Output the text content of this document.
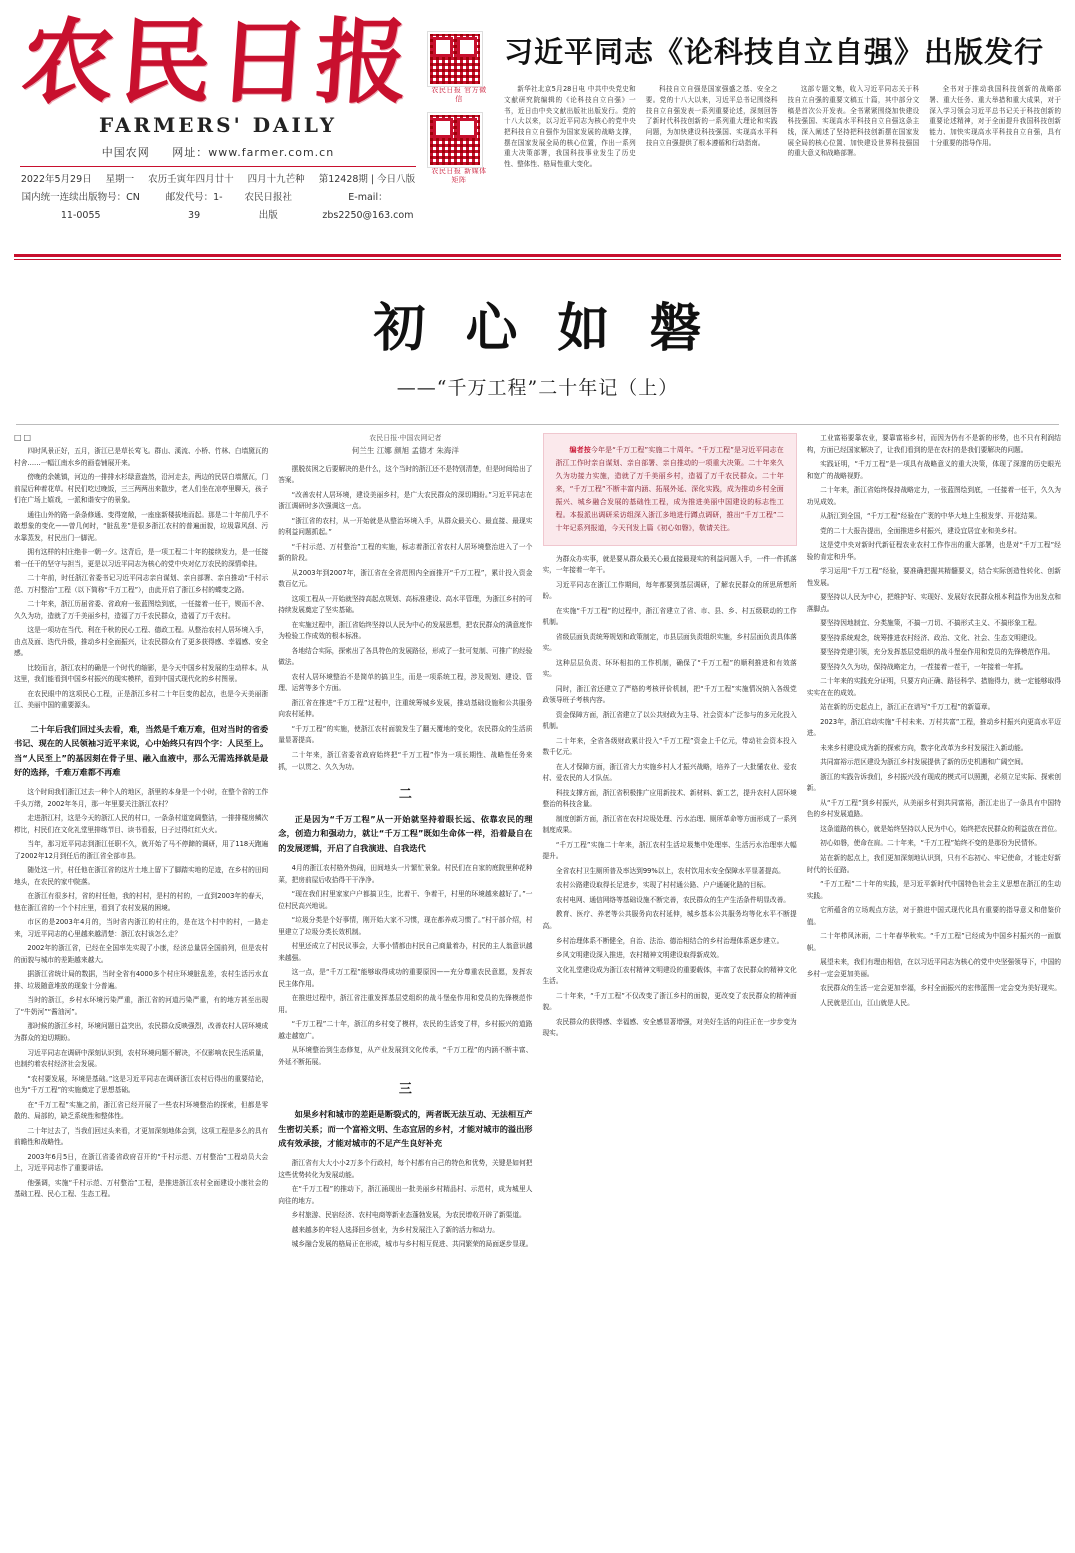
农民日报
FARMERS' DAILY
中国农网 网址：www.farmer.com.cn
2022年5月29日 星期一 农历壬寅年四月廿十 四月十九芒种 第12428期 | 今日八版
国内统一连续出版物号：CN 11-0055
邮发代号：1-39
农民日报社出版
E-mail：zbs2250@163.com
农民日报 官方微信
农民日报 新媒体矩阵
习近平同志《论科技自立自强》出版发行
新华社北京5月28日电 中共中央党史和文献研究院编辑的《论科技自立自强》一书，近日由中央文献出版社出版发行。党的十八大以来，以习近平同志为核心的党中央把科技自立自强作为国家发展的战略支撑，摆在国家发展全局的核心位置，作出一系列重大决策部署，我国科技事业发生了历史性、整体性、格局性重大变化。
科技自立自强是国家强盛之基、安全之要。党的十八大以来，习近平总书记围绕科技自立自强发表一系列重要论述，深刻回答了新时代科技创新的一系列重大理论和实践问题，为加快建设科技强国、实现高水平科技自立自强提供了根本遵循和行动指南。
这部专题文集，收入习近平同志关于科技自立自强的重要文稿五十篇，其中部分文稿是首次公开发表。全书紧紧围绕加快建设科技强国、实现高水平科技自立自强这条主线，深入阐述了坚持把科技创新摆在国家发展全局的核心位置、加快建设世界科技强国的重大意义和战略部署。
全书对于推动我国科技创新的战略部署、重大任务、重大举措和重大成果，对于深入学习领会习近平总书记关于科技创新的重要论述精神，对于全面提升我国科技创新能力、加快实现高水平科技自立自强，具有十分重要的指导作用。
初心如磐
——“千万工程”二十年记（上）
□□

四时风景正好，五月，浙江已是草长莺飞。群山、溪流、小桥、竹林、白墙黛瓦的村舍……一幅江南水乡的画卷铺展开来。

傍晚的余姚镇，河边的一排排水杉绿意盎然，沿河走去，两边的民居白墙黛瓦，门前屋后种着花草。村民们吃过晚饭，三三两两出来散步，老人们坐在凉亭里聊天，孩子们在广场上嬉戏，一派和谐安宁的景象。

通往山外的路一条条修通、变得宽敞，一座座新楼拔地而起。那是二十年前几乎不敢想象的变化——曾几何时，“脏乱差”是很多浙江农村的普遍面貌，垃圾靠风刮、污水靠蒸发，村民出门一脚泥。

拥有这样的村庄绝非一朝一夕。这背后，是一项工程二十年的接续发力，是一任接着一任干的坚守与担当，更是以习近平同志为核心的党中央对亿万农民的深情牵挂。

二十年前，时任浙江省委书记习近平同志亲自谋划、亲自部署、亲自推动“千村示范、万村整治”工程（以下简称“千万工程”），由此开启了浙江乡村的蝶变之路。

二十年来，浙江历届省委、省政府一张蓝图绘到底，一任接着一任干，锲而不舍、久久为功，造就了万千美丽乡村，造福了万千农民群众，造福了万千农村。

这是一项功在当代、利在千秋的民心工程、德政工程。从整治农村人居环境入手，由点及面、迭代升级，推动乡村全面振兴，让农民群众有了更多获得感、幸福感、安全感。

比较而言，浙江农村的确是一个时代的缩影，是今天中国乡村发展的生动样本。从这里，我们能看到中国乡村振兴的现实模样，看到中国式现代化的乡村图景。

在农民眼中的这项民心工程，正是浙江乡村二十年巨变的起点，也是今天美丽浙江、美丽中国的重要源头。

二十年后我们回过头去看，难，当然是千难万难，但对当时的省委书记、现在的人民领袖习近平来说，心中始终只有四个字：人民至上。当“人民至上”的基因刻在骨子里、融入血液中，那么无需选择就是最好的选择，千难万难都不再难

这个时间我们浙江过去一种个人的地区，浙里的本身是一个小时，在整个省的工作千头万绪，2002年冬月，那一年里要关注浙江农村？

走进浙江村，这是今天的浙江人民的村口，一条条村道宽阔整洁，一排排楼房鳞次栉比，村民们在文化礼堂里排练节目、读书看报，日子过得红红火火。

当年，那习近平同志到浙江任职不久，就开始了马不停蹄的调研，用了118天跑遍了2002年12月到任后的浙江省全部市县。

随处这一片，村任他在浙江省的这片土地上留下了脚踏实地的足迹，在乡村的田间地头，在农民的家中院落。

在浙江有很多村，省的村任他，我的村村，是村的村的，一直到2003年的春天，他在浙江省的一个个村庄里，看到了农村发展的困境。

市区的是2003年4月的，当时省内浙江的村庄的，是在这个村中的村，一路走来，习近平同志的心里越来越清楚：浙江农村该怎么走？

2002年的浙江省，已经在全国率先实现了小康，经济总量居全国前列，但是农村的面貌与城市的差距越来越大。

据浙江省统计局的数据，当时全省有4000多个村庄环境脏乱差，农村生活污水直排、垃圾随意堆放的现象十分普遍。

当时的浙江，乡村水环境污染严重，浙江省的河道污染严重，有的地方甚至出现了“牛奶河”“酱油河”。

那时候的浙江乡村，环境问题日益突出，农民群众反映强烈，改善农村人居环境成为群众的迫切期盼。

习近平同志在调研中深刻认识到，农村环境问题不解决，不仅影响农民生活质量，也制约着农村经济社会发展。

“农村要发展，环境是基础。”这是习近平同志在调研浙江农村后得出的重要结论，也为“千万工程”的实施奠定了思想基础。

在“千万工程”实施之前，浙江省已经开展了一些农村环境整治的探索，但都是零散的、局部的，缺乏系统性和整体性。

二十年过去了，当我们回过头来看，才更加深刻地体会到，这项工程是多么的具有前瞻性和战略性。

2003年6月5日，在浙江省委省政府召开的“千村示范、万村整治”工程动员大会上，习近平同志作了重要讲话。

他强调，实施“千村示范、万村整治”工程，是推进浙江农村全面建设小康社会的基础工程、民心工程、生态工程。

农民日报·中国农网记者
何兰生 江娜 颜旭 孟德才 朱海洋

摆脱贫困之后要解决的是什么，这个当时的浙江还不是特别清楚，但是时间给出了答案。

“改善农村人居环境，建设美丽乡村，是广大农民群众的深切期盼。”习近平同志在浙江调研时多次强调这一点。

“浙江省的农村，从一开始就是从整治环境入手，从群众最关心、最直接、最现实的利益问题抓起。”

“千村示范、万村整治”工程的实施，标志着浙江省农村人居环境整治进入了一个新的阶段。

从2003年到2007年，浙江省在全省范围内全面推开“千万工程”，累计投入资金数百亿元。

这项工程从一开始就坚持高起点规划、高标准建设、高水平管理，为浙江乡村的可持续发展奠定了坚实基础。

在实施过程中，浙江省始终坚持以人民为中心的发展思想，把农民群众的满意度作为检验工作成效的根本标准。

各地结合实际，探索出了各具特色的发展路径，形成了一批可复制、可推广的经验做法。

农村人居环境整治不是简单的搞卫生，而是一项系统工程，涉及规划、建设、管理、运营等多个方面。

浙江省在推进“千万工程”过程中，注重统筹城乡发展，推动基础设施和公共服务向农村延伸。

“千万工程”的实施，使浙江农村面貌发生了翻天覆地的变化，农民群众的生活质量显著提高。

二十年来，浙江省委省政府始终把“千万工程”作为一项长期性、战略性任务来抓，一以贯之、久久为功。

二
正是因为“千万工程”从一开始就坚持着眼长远、依靠农民的理念，创造力和强动力，就让“千万工程”既如生命体一样，沿着最自在的发展逻辑，开启了自我演进、自我迭代

4月的浙江农村格外热闹，田间地头一片繁忙景象。村民们在自家的庭院里种花种菜，把房前屋后收拾得干干净净。

“现在我们村里家家户户都搞卫生，比着干、争着干，村里的环境越来越好了。”一位村民高兴地说。

“垃圾分类是个好事情，刚开始大家不习惯，现在都养成习惯了。”村干部介绍，村里建立了垃圾分类长效机制。

村里还成立了村民议事会，大事小情都由村民自己商量着办，村民的主人翁意识越来越强。

这一点，是“千万工程”能够取得成功的重要原因——充分尊重农民意愿，发挥农民主体作用。

在推进过程中，浙江省注重发挥基层党组织的战斗堡垒作用和党员的先锋模范作用。

“千万工程”二十年，浙江的乡村变了模样，农民的生活变了样，乡村振兴的道路越走越宽广。

从环境整治到生态修复，从产业发展到文化传承，“千万工程”的内涵不断丰富、外延不断拓展。

三
如果乡村和城市的差距是断裂式的，两者既无法互动、无法相互产生密切关系；而一个富裕文明、生态宜居的乡村，才能对城市的溢出形成有效承接，才能对城市的不足产生良好补充

浙江省有大大小小2万多个行政村，每个村都有自己的特色和优势，关键是如何把这些优势转化为发展动能。

在“千万工程”的推动下，浙江涌现出一批美丽乡村精品村、示范村，成为城里人向往的地方。

乡村旅游、民宿经济、农村电商等新业态蓬勃发展，为农民增收开辟了新渠道。

越来越多的年轻人选择回乡创业，为乡村发展注入了新的活力和动力。

城乡融合发展的格局正在形成，城市与乡村相互促进、共同繁荣的局面逐步显现。

编者按今年是“千万工程”实施二十周年。“千万工程”是习近平同志在浙江工作时亲自谋划、亲自部署、亲自推动的一项重大决策。二十年来久久为功接力实施，造就了万千美丽乡村，造福了万千农民群众。二十年来，“千万工程”不断丰富内涵、拓展外延、深化实践，成为推动乡村全面振兴、城乡融合发展的基础性工程，成为推进美丽中国建设的标志性工程。本报派出调研采访组深入浙江多地进行蹲点调研，推出“千万工程”二十年记系列报道，今天刊发上篇《初心如磐》，敬请关注。

为群众办实事，就是要从群众最关心最直接最现实的利益问题入手，一件一件抓落实，一年接着一年干。

习近平同志在浙江工作期间，每年都要到基层调研，了解农民群众的所思所想所盼。

在实施“千万工程”的过程中，浙江省建立了省、市、县、乡、村五级联动的工作机制。

省级层面负责统筹规划和政策制定，市县层面负责组织实施，乡村层面负责具体落实。

这种层层负责、环环相扣的工作机制，确保了“千万工程”的顺利推进和有效落实。

同时，浙江省还建立了严格的考核评价机制，把“千万工程”实施情况纳入各级党政领导班子考核内容。

资金保障方面，浙江省建立了以公共财政为主导、社会资本广泛参与的多元化投入机制。

二十年来，全省各级财政累计投入“千万工程”资金上千亿元，带动社会资本投入数千亿元。

在人才保障方面，浙江省大力实施乡村人才振兴战略，培养了一大批懂农业、爱农村、爱农民的人才队伍。

科技支撑方面，浙江省积极推广应用新技术、新材料、新工艺，提升农村人居环境整治的科技含量。

制度创新方面，浙江省在农村垃圾处理、污水治理、厕所革命等方面形成了一系列制度成果。

“千万工程”实施二十年来，浙江农村生活垃圾集中处理率、生活污水治理率大幅提升。

全省农村卫生厕所普及率达到99%以上，农村饮用水安全保障水平显著提高。

农村公路建设取得长足进步，实现了村村通公路、户户通硬化路的目标。

农村电网、通信网络等基础设施不断完善，农民群众的生产生活条件明显改善。

教育、医疗、养老等公共服务向农村延伸，城乡基本公共服务均等化水平不断提高。

乡村治理体系不断健全，自治、法治、德治相结合的乡村治理体系逐步建立。

乡风文明建设深入推进，农村精神文明建设取得新成效。

文化礼堂建设成为浙江农村精神文明建设的重要载体，丰富了农民群众的精神文化生活。

二十年来，“千万工程”不仅改变了浙江乡村的面貌，更改变了农民群众的精神面貌。

农民群众的获得感、幸福感、安全感显著增强，对美好生活的向往正在一步步变为现实。

工业富裕要靠农业，要靠富裕乡村，而因为仍有不是新的形势，也不只有利润结构，方面已经国家解决了，让我们看到的是在农村的是我们要解决的问题。

实践证明，“千万工程”是一项具有战略意义的重大决策，体现了深邃的历史眼光和宽广的战略视野。

二十年来，浙江省始终保持战略定力，一张蓝图绘到底，一任接着一任干，久久为功见成效。

从浙江到全国，“千万工程”经验在广袤的中华大地上生根发芽、开花结果。

党的二十大报告提出，全面推进乡村振兴，建设宜居宜业和美乡村。

这是党中央对新时代新征程农业农村工作作出的重大部署，也是对“千万工程”经验的肯定和升华。

学习运用“千万工程”经验，要准确把握其精髓要义，结合实际创造性转化、创新性发展。

要坚持以人民为中心，把维护好、实现好、发展好农民群众根本利益作为出发点和落脚点。

要坚持因地制宜、分类施策，不搞一刀切、不搞形式主义、不搞形象工程。

要坚持系统观念，统筹推进农村经济、政治、文化、社会、生态文明建设。

要坚持党建引领，充分发挥基层党组织的战斗堡垒作用和党员的先锋模范作用。

要坚持久久为功，保持战略定力，一茬接着一茬干，一年接着一年抓。

二十年来的实践充分证明，只要方向正确、路径科学、措施得力，就一定能够取得实实在在的成效。

站在新的历史起点上，浙江正在谱写“千万工程”的新篇章。

2023年，浙江启动实施“千村未来、万村共富”工程，推动乡村振兴向更高水平迈进。

未来乡村建设成为新的探索方向，数字化改革为乡村发展注入新动能。

共同富裕示范区建设为浙江乡村发展提供了新的历史机遇和广阔空间。

浙江的实践告诉我们，乡村振兴没有现成的模式可以照搬，必须立足实际、探索创新。

从“千万工程”到乡村振兴，从美丽乡村到共同富裕，浙江走出了一条具有中国特色的乡村发展道路。

这条道路的核心，就是始终坚持以人民为中心，始终把农民群众的利益放在首位。

初心如磐，使命在肩。二十年来，“千万工程”始终不变的是那份为民情怀。

站在新的起点上，我们更加深刻地认识到，只有不忘初心、牢记使命，才能走好新时代的长征路。

“千万工程”二十年的实践，是习近平新时代中国特色社会主义思想在浙江的生动实践。

它所蕴含的立场观点方法，对于推进中国式现代化具有重要的指导意义和借鉴价值。

二十年栉风沐雨，二十年春华秋实。“千万工程”已经成为中国乡村振兴的一面旗帜。

展望未来，我们有理由相信，在以习近平同志为核心的党中央坚强领导下，中国的乡村一定会更加美丽。

农民群众的生活一定会更加幸福，乡村全面振兴的宏伟蓝图一定会变为美好现实。

人民就是江山，江山就是人民。
